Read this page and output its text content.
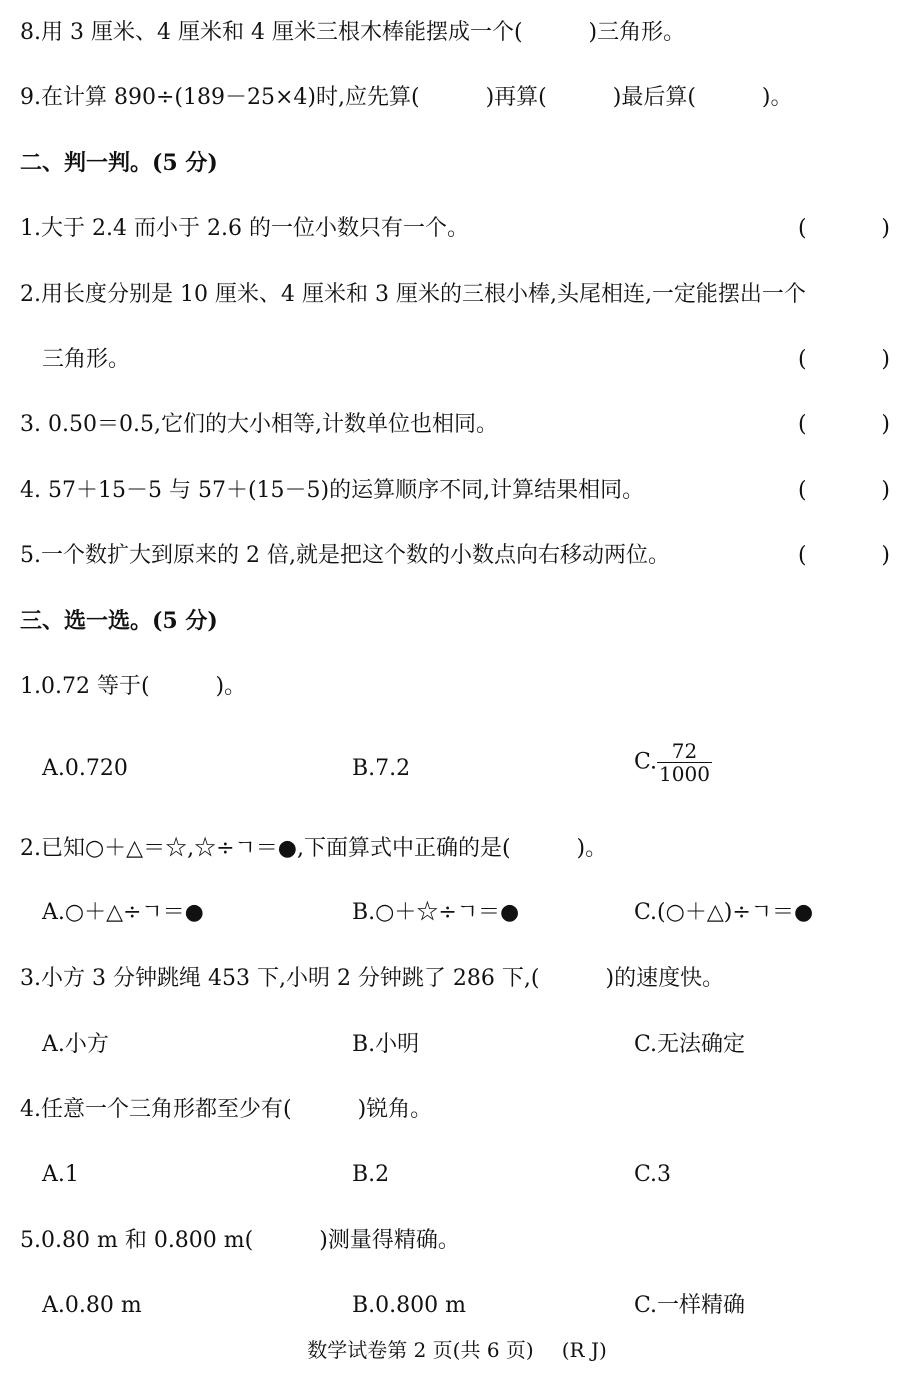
8.用 3 厘米、4 厘米和 4 厘米三根木棒能摆成一个(　　　)三角形。
9.在计算 890÷(189－25×4)时,应先算(　　　)再算(　　　)最后算(　　　)。
二、判一判。(5 分)
1.大于 2.4 而小于 2.6 的一位小数只有一个。	(	)
2.用长度分别是 10 厘米、4 厘米和 3 厘米的三根小棒,头尾相连,一定能摆出一个
三角形。	(	)
3. 0.50＝0.5,它们的大小相等,计数单位也相同。	(	)
4. 57＋15－5 与 57＋(15－5)的运算顺序不同,计算结果相同。	(	)
5.一个数扩大到原来的 2 倍,就是把这个数的小数点向右移动两位。	(	)
三、选一选。(5 分)
1.0.72 等于(　　　)。
A.0.720	B.7.2	C. $\frac{72}{1000}$
2.已知○＋△＝☆,☆÷ㄱ＝●,下面算式中正确的是(　　　)。
A.○＋△÷ㄱ＝●	B.○＋☆÷ㄱ＝●	C.(○＋△)÷ㄱ＝●
3.小方 3 分钟跳绳 453 下,小明 2 分钟跳了 286 下,(　　　)的速度快。
A.小方	B.小明	C.无法确定
4.任意一个三角形都至少有(　　　)锐角。
A.1	B.2	C.3
5.0.80 m 和 0.800 m(　　　)测量得精确。
A.0.80 m	B.0.800 m	C.一样精确
数学试卷第 2 页(共 6 页) (R J)
